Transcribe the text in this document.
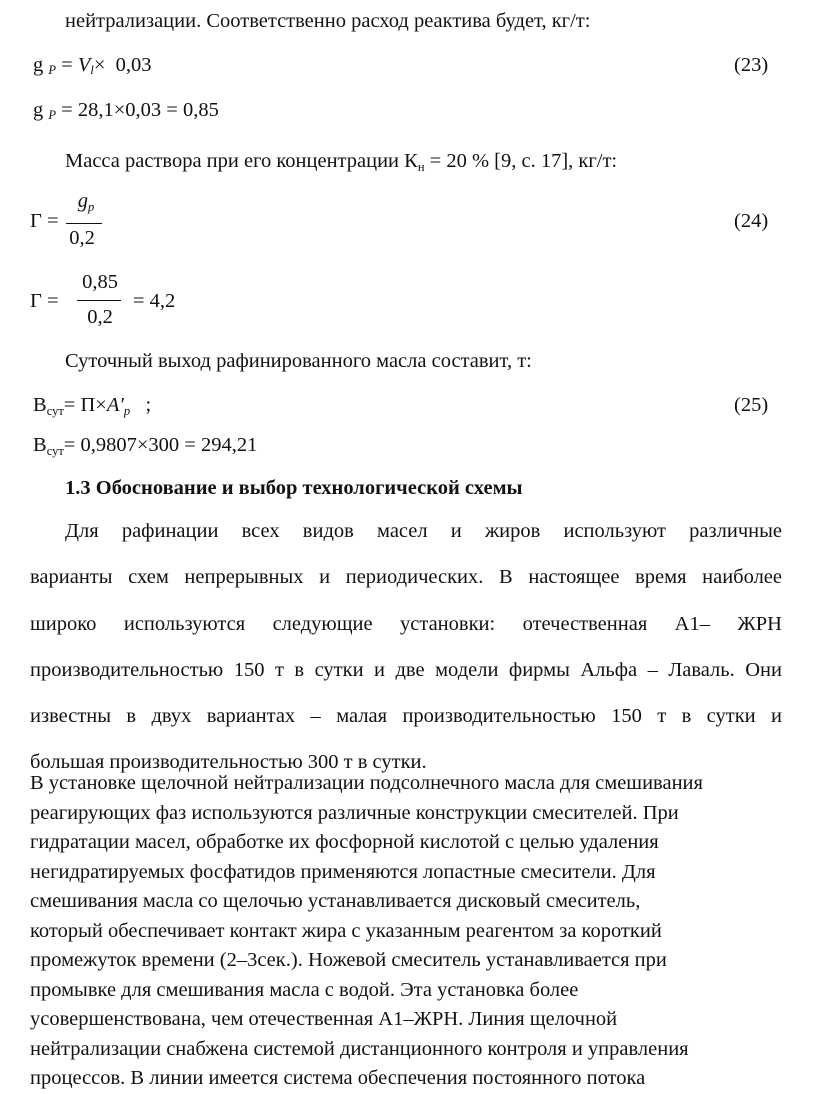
нейтрализации. Соответственно расход реактива будет, кг/т:
g P = Vl× 0,03	(23)
g P = 28,1×0,03 = 0,85
Масса раствора при его концентрации Кн = 20 % [9, с. 17], кг/т:
Γ =
gp
0,2
(24)
Γ =
0,85
0,2
= 4,2
Суточный выход рафинированного масла составит, т:
Bсут= П×A′р ;	(25)
Bсут= 0,9807×300 = 294,21
1.3 Обоснование и выбор технологической схемы
Для рафинации всех видов масел и жиров используют различные
варианты схем непрерывных и периодических. В настоящее время наиболее
широко используются следующие установки: отечественная А1– ЖРН
производительностью 150 т в сутки и две модели фирмы Альфа – Лаваль. Они
известны в двух вариантах – малая производительностью 150 т в сутки и
большая производительностью 300 т в сутки.
В установке щелочной нейтрализации подсолнечного масла для смешивания
реагирующих фаз используются различные конструкции смесителей. При
гидратации масел, обработке их фосфорной кислотой с целью удаления
негидратируемых фосфатидов применяются лопастные смесители. Для
смешивания масла со щелочью устанавливается дисковый смеситель,
который обеспечивает контакт жира с указанным реагентом за короткий
промежуток времени (2–3сек.). Ножевой смеситель устанавливается при
промывке для смешивания масла с водой. Эта установка более
усовершенствована, чем отечественная А1–ЖРН. Линия щелочной
нейтрализации снабжена системой дистанционного контроля и управления
процессов. В линии имеется система обеспечения постоянного потока
